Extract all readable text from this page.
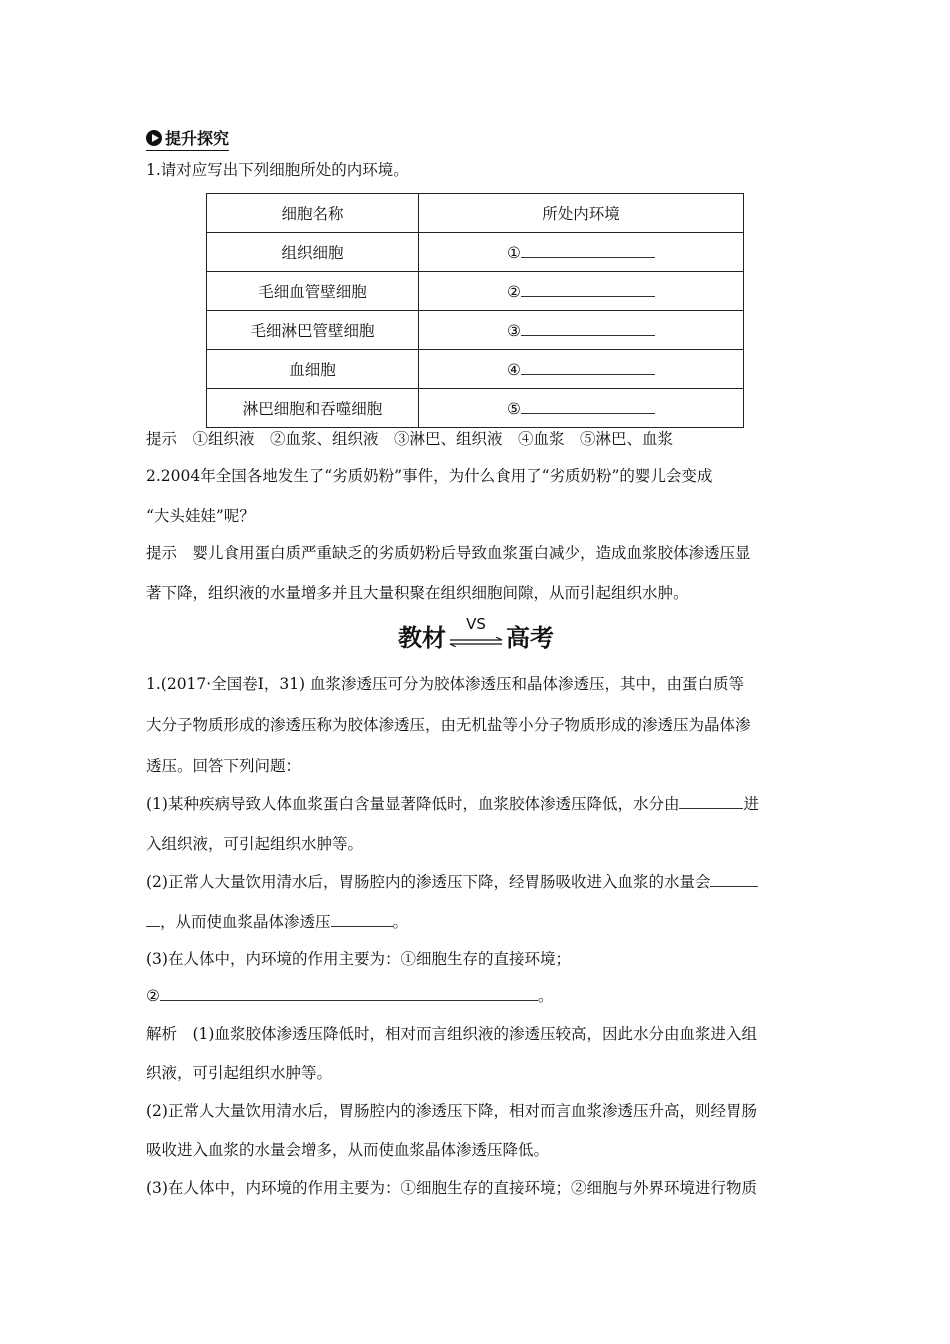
提升探究
1.请对应写出下列细胞所处的内环境。
细胞名称	所处内环境
组织细胞	①
毛细血管壁细胞	②
毛细淋巴管壁细胞	③
血细胞	④
淋巴细胞和吞噬细胞	⑤
提示　①组织液　②血浆、组织液　③淋巴、组织液　④血浆　⑤淋巴、血浆
2.2004年全国各地发生了“劣质奶粉”事件，为什么食用了“劣质奶粉”的婴儿会变成
“大头娃娃”呢？
提示　婴儿食用蛋白质严重缺乏的劣质奶粉后导致血浆蛋白减少，造成血浆胶体渗透压显
著下降，组织液的水量增多并且大量积聚在组织细胞间隙，从而引起组织水肿。
教材	VS 高考
1.(2017·全国卷Ⅰ，31) 血浆渗透压可分为胶体渗透压和晶体渗透压，其中，由蛋白质等
大分子物质形成的渗透压称为胶体渗透压，由无机盐等小分子物质形成的渗透压为晶体渗
透压。回答下列问题：
(1)某种疾病导致人体血浆蛋白含量显著降低时，血浆胶体渗透压降低，水分由	进
入组织液，可引起组织水肿等。
(2)正常人大量饮用清水后，胃肠腔内的渗透压下降，经胃肠吸收进入血浆的水量会
，从而使血浆晶体渗透压	。
(3)在人体中，内环境的作用主要为：①细胞生存的直接环境；
②	。
解析　(1)血浆胶体渗透压降低时，相对而言组织液的渗透压较高，因此水分由血浆进入组
织液，可引起组织水肿等。
(2)正常人大量饮用清水后，胃肠腔内的渗透压下降，相对而言血浆渗透压升高，则经胃肠
吸收进入血浆的水量会增多，从而使血浆晶体渗透压降低。
(3)在人体中，内环境的作用主要为：①细胞生存的直接环境；②细胞与外界环境进行物质
